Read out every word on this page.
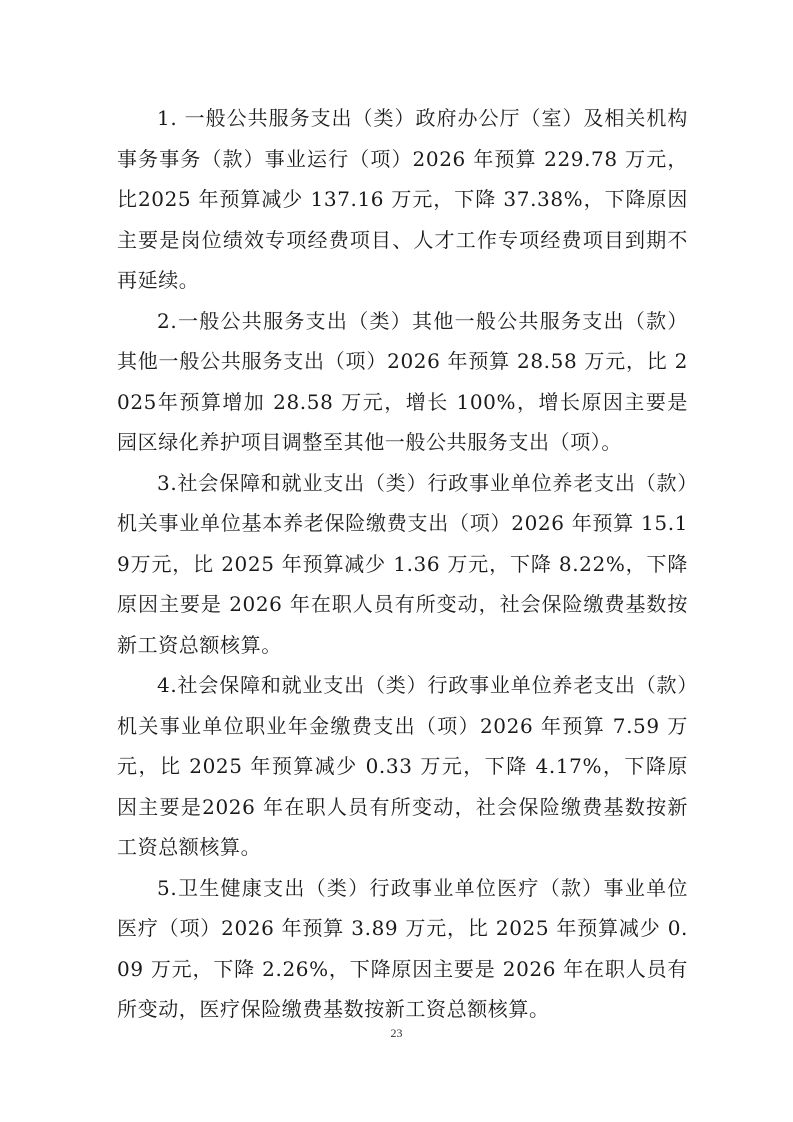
1. 一般公共服务支出（类）政府办公厅（室）及相关机构事务事务（款）事业运行（项）2026 年预算 229.78 万元，比2025 年预算减少 137.16 万元，下降 37.38%，下降原因主要是岗位绩效专项经费项目、人才工作专项经费项目到期不再延续。

2.一般公共服务支出（类）其他一般公共服务支出（款）其他一般公共服务支出（项）2026 年预算 28.58 万元，比 2025年预算增加 28.58 万元，增长 100%，增长原因主要是园区绿化养护项目调整至其他一般公共服务支出（项）。

3.社会保障和就业支出（类）行政事业单位养老支出（款）机关事业单位基本养老保险缴费支出（项）2026 年预算 15.19万元，比 2025 年预算减少 1.36 万元，下降 8.22%，下降原因主要是 2026 年在职人员有所变动，社会保险缴费基数按新工资总额核算。

4.社会保障和就业支出（类）行政事业单位养老支出（款）机关事业单位职业年金缴费支出（项）2026 年预算 7.59 万元，比 2025 年预算减少 0.33 万元，下降 4.17%，下降原因主要是2026 年在职人员有所变动，社会保险缴费基数按新工资总额核算。

5.卫生健康支出（类）行政事业单位医疗（款）事业单位医疗（项）2026 年预算 3.89 万元，比 2025 年预算减少 0.09 万元，下降 2.26%，下降原因主要是 2026 年在职人员有所变动，医疗保险缴费基数按新工资总额核算。

23
